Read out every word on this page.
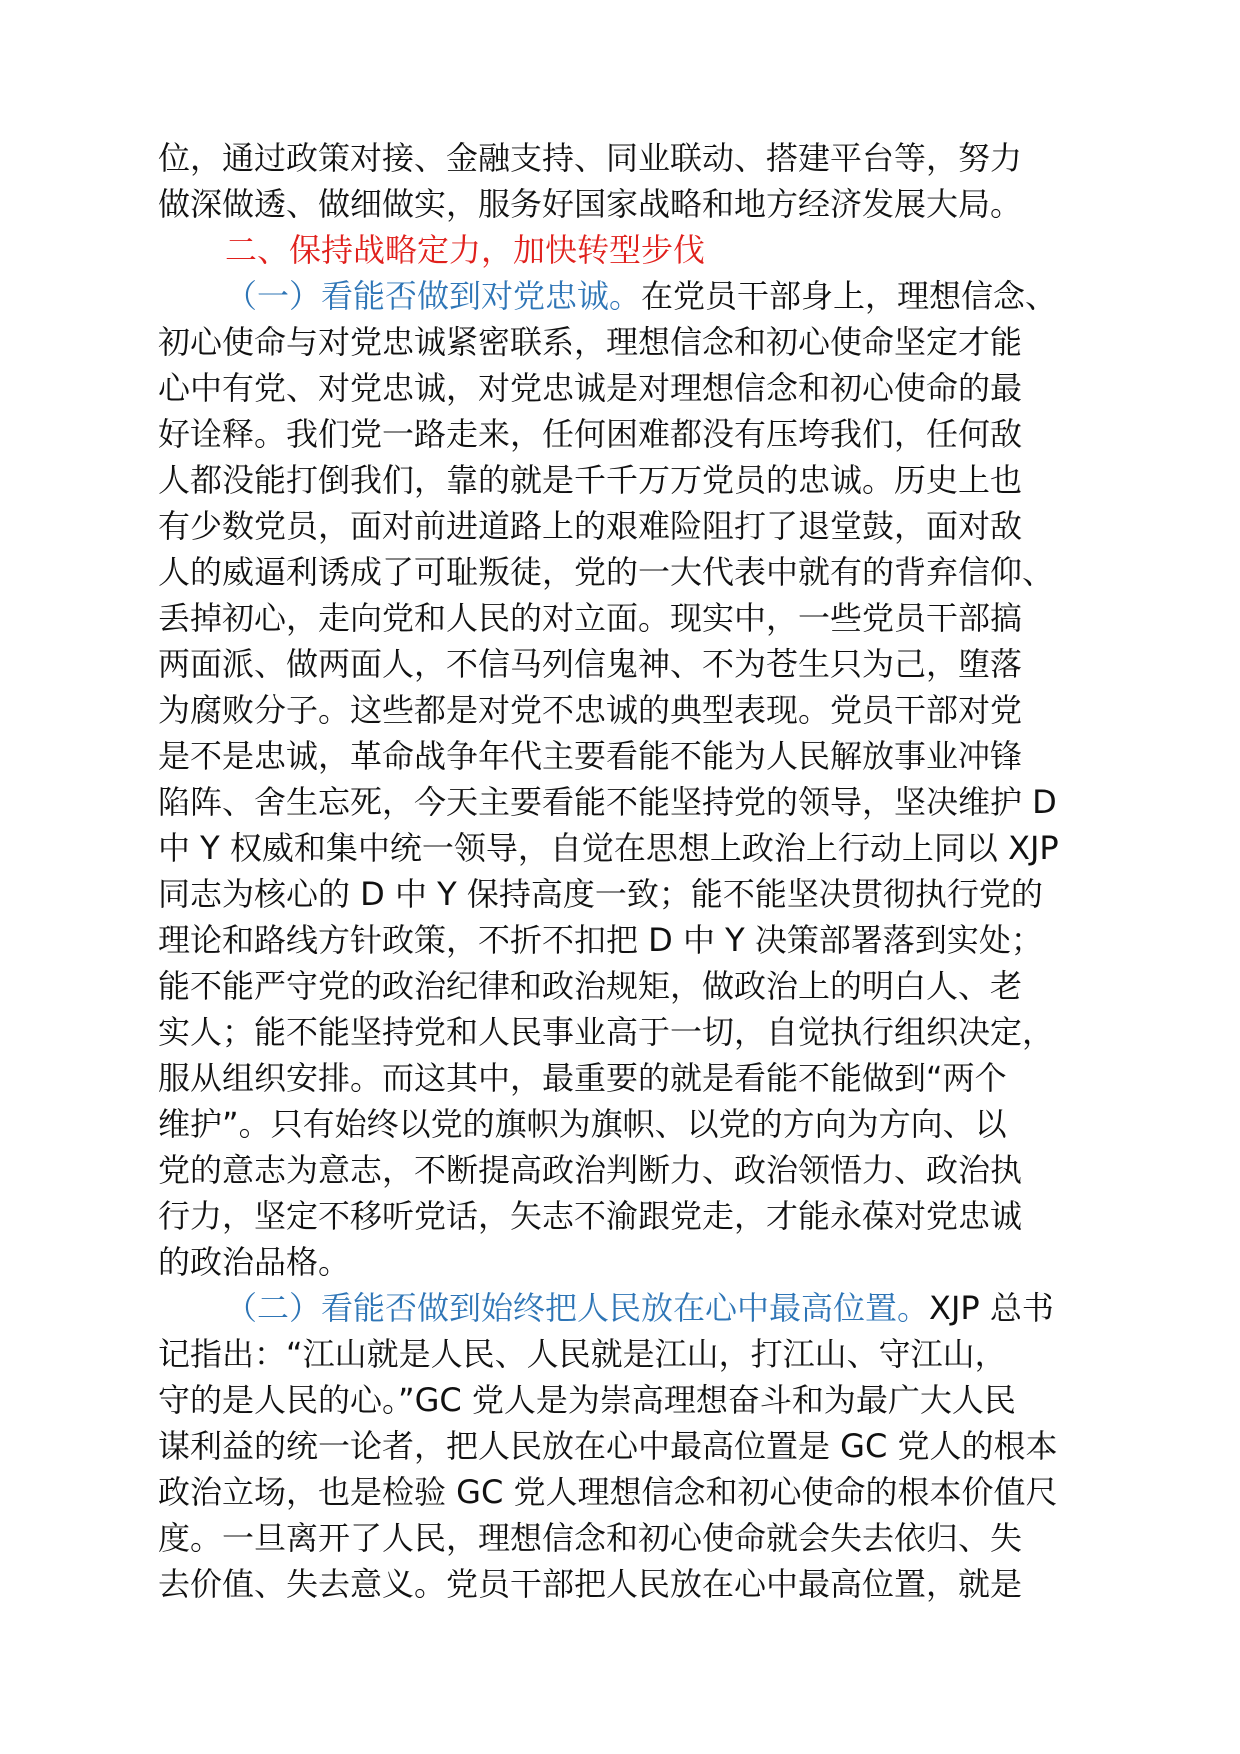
位，通过政策对接、金融支持、同业联动、搭建平台等，努力
做深做透、做细做实，服务好国家战略和地方经济发展大局。
二、保持战略定力，加快转型步伐
（一）看能否做到对党忠诚。在党员干部身上，理想信念、
初心使命与对党忠诚紧密联系，理想信念和初心使命坚定才能
心中有党、对党忠诚，对党忠诚是对理想信念和初心使命的最
好诠释。我们党一路走来，任何困难都没有压垮我们，任何敌
人都没能打倒我们，靠的就是千千万万党员的忠诚。历史上也
有少数党员，面对前进道路上的艰难险阻打了退堂鼓，面对敌
人的威逼利诱成了可耻叛徒，党的一大代表中就有的背弃信仰、
丢掉初心，走向党和人民的对立面。现实中，一些党员干部搞
两面派、做两面人，不信马列信鬼神、不为苍生只为己，堕落
为腐败分子。这些都是对党不忠诚的典型表现。党员干部对党
是不是忠诚，革命战争年代主要看能不能为人民解放事业冲锋
陷阵、舍生忘死，今天主要看能不能坚持党的领导，坚决维护 D
中 Y 权威和集中统一领导，自觉在思想上政治上行动上同以 XJP
同志为核心的 D 中 Y 保持高度一致；能不能坚决贯彻执行党的
理论和路线方针政策，不折不扣把 D 中 Y 决策部署落到实处；
能不能严守党的政治纪律和政治规矩，做政治上的明白人、老
实人；能不能坚持党和人民事业高于一切，自觉执行组织决定，
服从组织安排。而这其中，最重要的就是看能不能做到“两个
维护”。只有始终以党的旗帜为旗帜、以党的方向为方向、以
党的意志为意志，不断提高政治判断力、政治领悟力、政治执
行力，坚定不移听党话，矢志不渝跟党走，才能永葆对党忠诚
的政治品格。
（二）看能否做到始终把人民放在心中最高位置。XJP 总书
记指出：“江山就是人民、人民就是江山，打江山、守江山，
守的是人民的心。”GC 党人是为崇高理想奋斗和为最广大人民
谋利益的统一论者，把人民放在心中最高位置是 GC 党人的根本
政治立场，也是检验 GC 党人理想信念和初心使命的根本价值尺
度。一旦离开了人民，理想信念和初心使命就会失去依归、失
去价值、失去意义。党员干部把人民放在心中最高位置，就是
